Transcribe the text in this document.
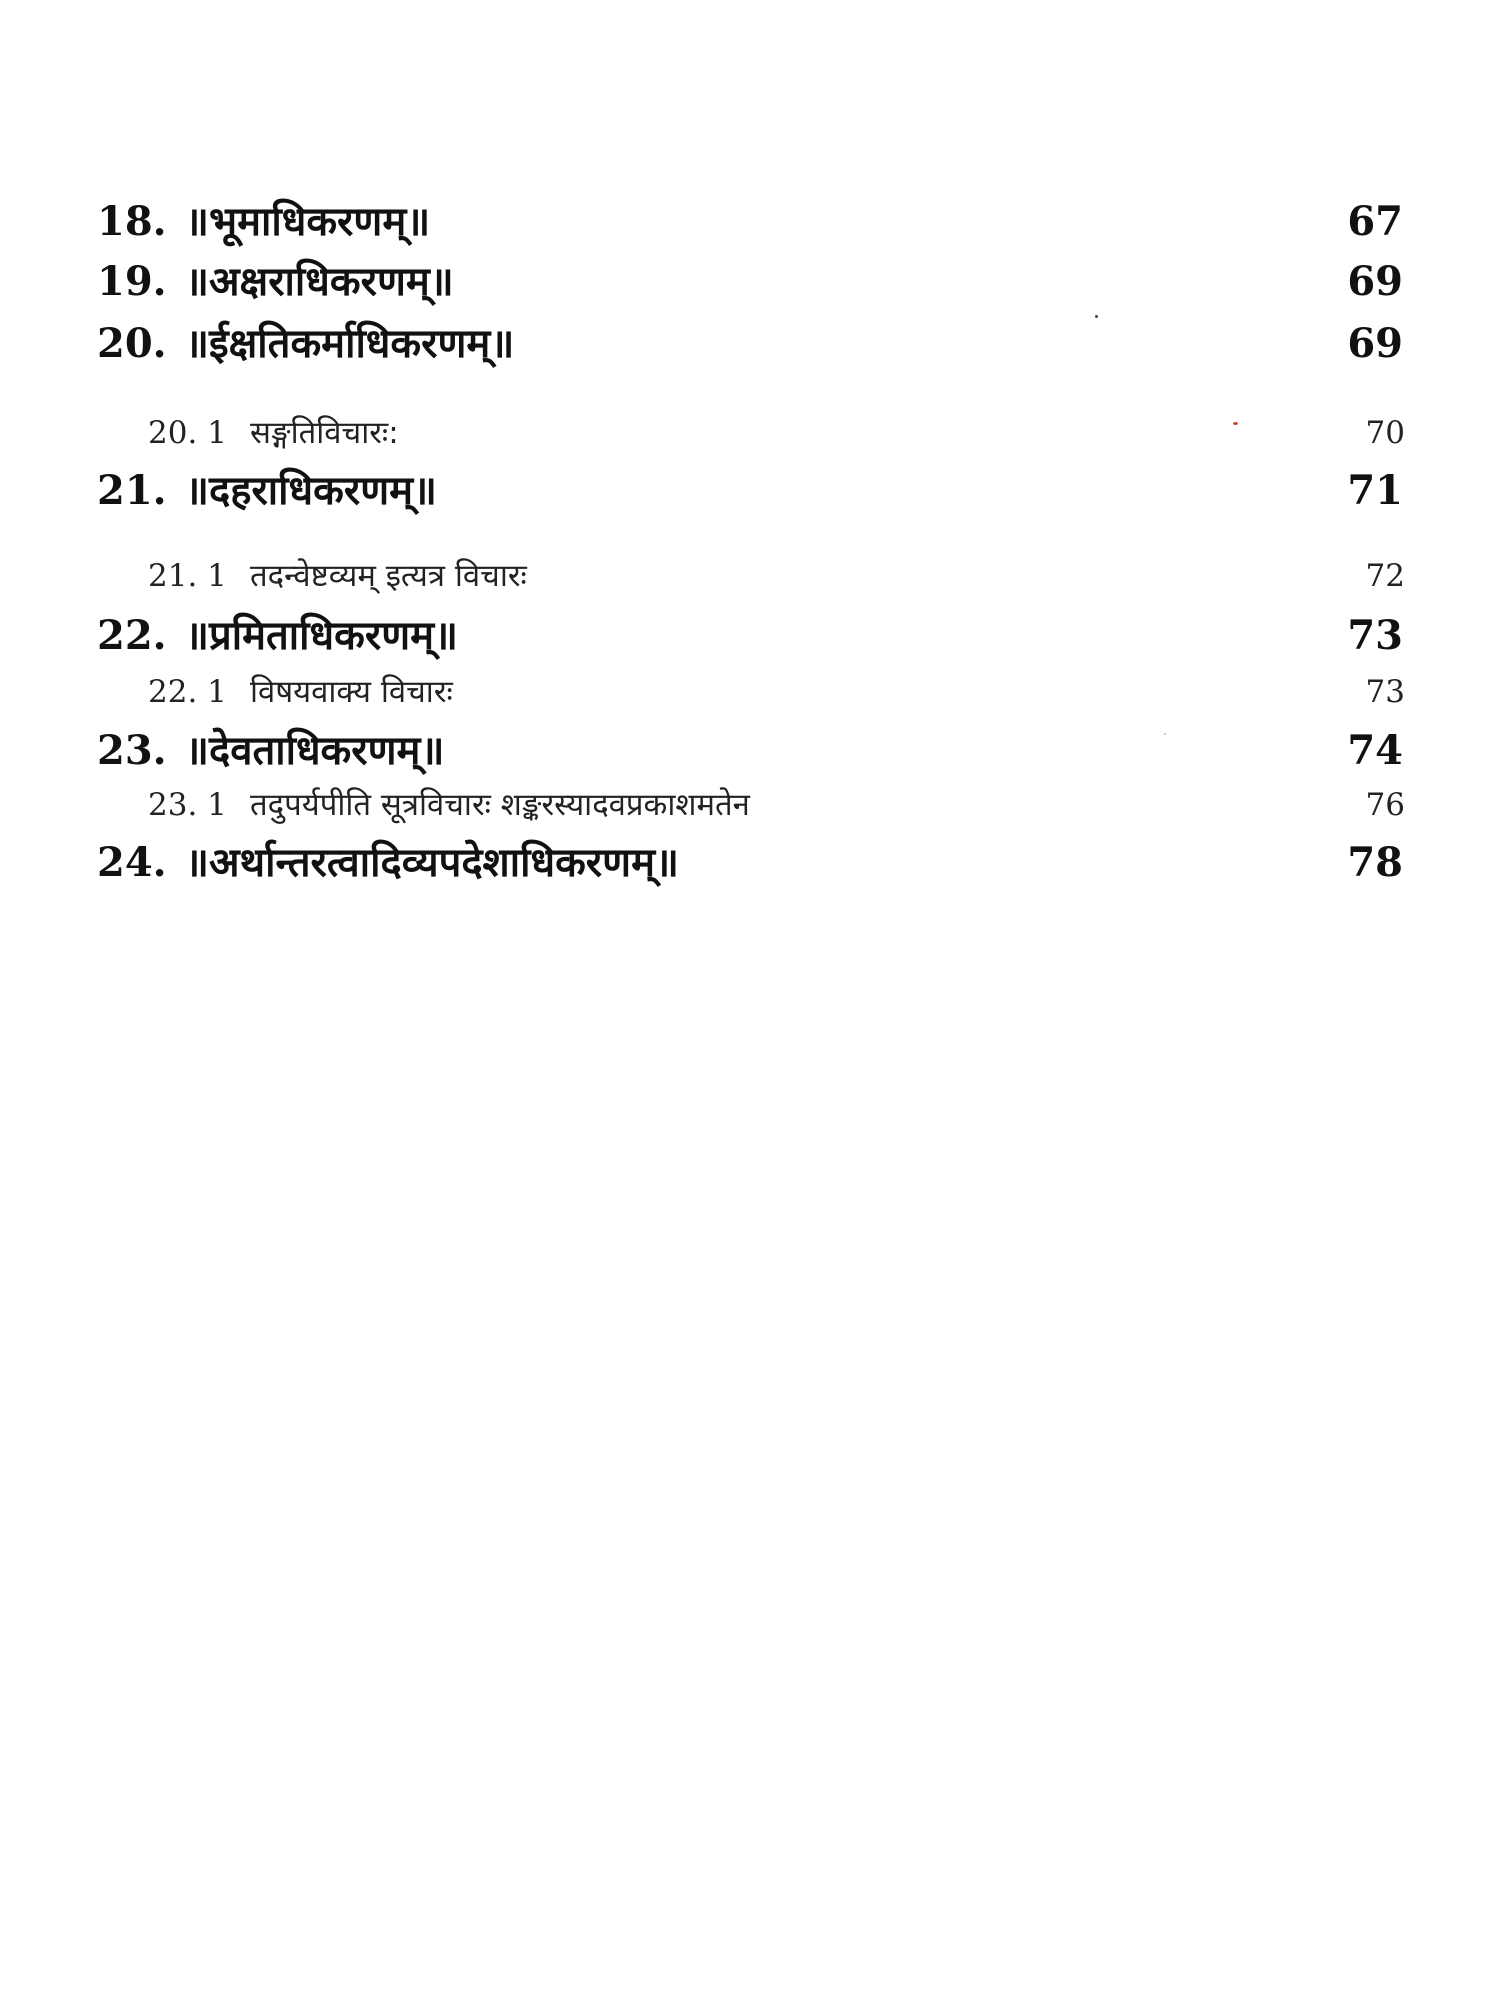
18. ॥भूमाधिकरणम्॥	67
19. ॥अक्षराधिकरणम्॥	69
20. ॥ईक्षतिकर्माधिकरणम्॥	69
20. 1 सङ्गतिविचारः:	70
21. ॥दहराधिकरणम्॥	71
21. 1 तदन्वेष्टव्यम् इत्यत्र विचारः	72
22. ॥प्रमिताधिकरणम्॥	73
22. 1 विषयवाक्य विचारः	73
23. ॥देवताधिकरणम्॥	74
23. 1 तदुपर्यपीति सूत्रविचारः शङ्करस्यादवप्रकाशमतेन	76
24. ॥अर्थान्तरत्वादिव्यपदेशाधिकरणम्॥	78
